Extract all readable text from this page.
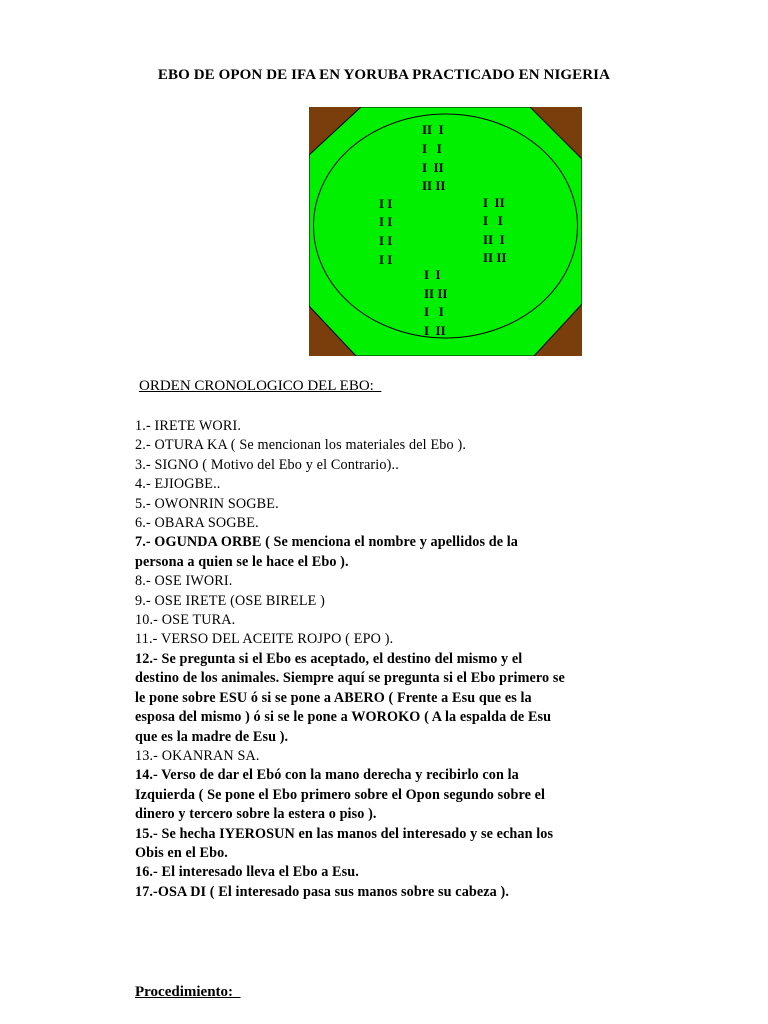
EBO DE OPON DE IFA EN YORUBA PRACTICADO EN NIGERIA
II  I
I   I
I  II
II II
I I
I I
I I
I I
I  II
I   I
II  I
II II
I  I
II II
I   I
I  II
ORDEN CRONOLOGICO DEL EBO:
1.- IRETE WORI.
2.- OTURA KA ( Se mencionan los materiales del Ebo ).
3.- SIGNO ( Motivo del Ebo y el Contrario)..
4.- EJIOGBE..
5.- OWONRIN SOGBE.
6.- OBARA SOGBE.
7.- OGUNDA ORBE ( Se menciona el nombre y apellidos de la
persona a quien se le hace el Ebo ).
8.- OSE IWORI.
9.- OSE IRETE (OSE BIRELE )
10.- OSE TURA.
11.- VERSO DEL ACEITE ROJPO ( EPO ).
12.- Se pregunta si el Ebo es aceptado, el destino del mismo y el
destino de los animales. Siempre aquí se pregunta si el Ebo primero se
le pone sobre ESU ó si se pone a ABERO ( Frente a Esu que es la
esposa del mismo ) ó si se le pone a WOROKO ( A la espalda de Esu
que es la madre de Esu ).
13.- OKANRAN SA.
14.- Verso de dar el Ebó con la mano derecha y recibirlo con la
Izquierda ( Se pone el Ebo primero sobre el Opon segundo sobre el
dinero y tercero sobre la estera o piso ).
15.- Se hecha IYEROSUN en las manos del interesado y se echan los
Obis en el Ebo.
16.- El interesado lleva el Ebo a Esu.
17.-OSA DI ( El interesado pasa sus manos sobre su cabeza ).
Procedimiento:
